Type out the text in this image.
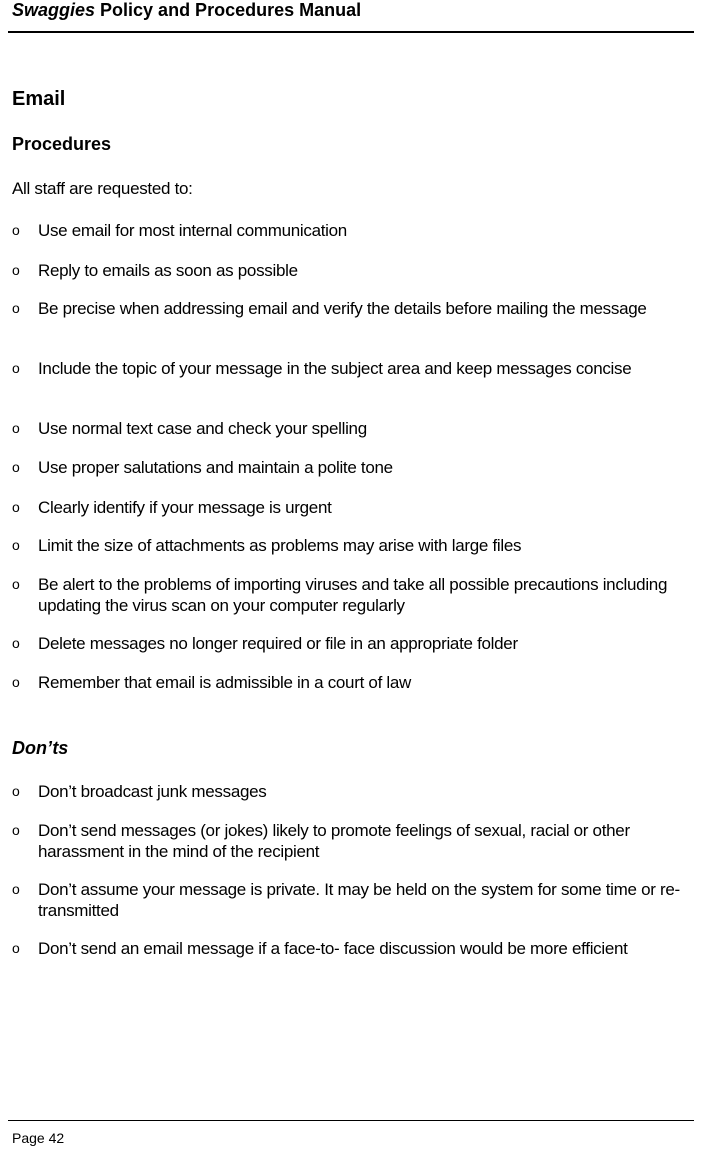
Swaggies Policy and Procedures Manual
Email
Procedures
All staff are requested to:
o Use email for most internal communication
o Reply to emails as soon as possible
o Be precise when addressing email and verify the details before mailing the message
o Include the topic of your message in the subject area and keep messages concise
o Use normal text case and check your spelling
o Use proper salutations and maintain a polite tone
o Clearly identify if your message is urgent
o Limit the size of attachments as problems may arise with large files
o Be alert to the problems of importing viruses and take all possible precautions including updating the virus scan on your computer regularly
o Delete messages no longer required or file in an appropriate folder
o Remember that email is admissible in a court of law
Don’ts
o Don’t broadcast junk messages
o Don’t send messages (or jokes) likely to promote feelings of sexual, racial or other harassment in the mind of the recipient
o Don’t assume your message is private. It may be held on the system for some time or re-transmitted
o Don’t send an email message if a face-to- face discussion would be more efficient
Page 42
